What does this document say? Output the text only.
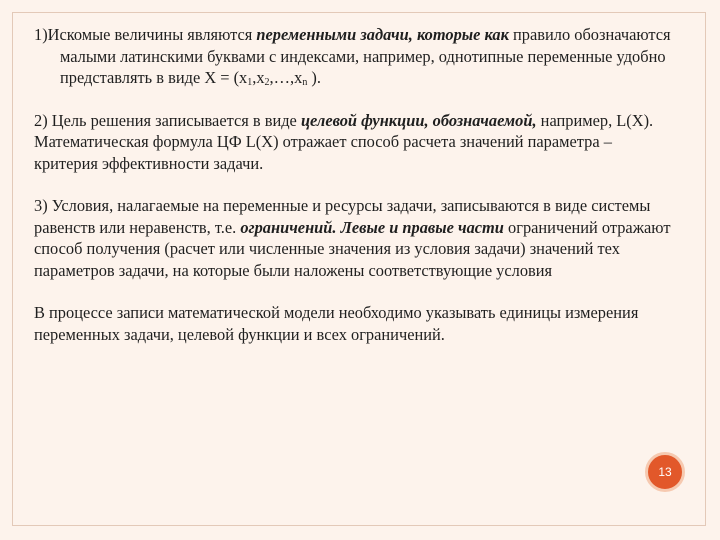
1)Искомые величины являются переменными задачи, которые как правило обозначаются малыми латинскими буквами с индексами, например, однотипные переменные удобно представлять в виде $X = (x_1,x_2,\dots,x_n$ ).

2) Цель решения записывается в виде целевой функции, обозначаемой, например, L(X). Математическая формула ЦФ L(X) отражает способ расчета значений параметра – критерия эффективности задачи.

3) Условия, налагаемые на переменные и ресурсы задачи, записываются в виде системы равенств или неравенств, т.е. ограничений. Левые и правые части ограничений отражают способ получения (расчет или численные значения из условия задачи) значений тех параметров задачи, на которые были наложены соответствующие условия

В процессе записи математической модели необходимо указывать единицы измерения переменных задачи, целевой функции и всех ограничений.

13
